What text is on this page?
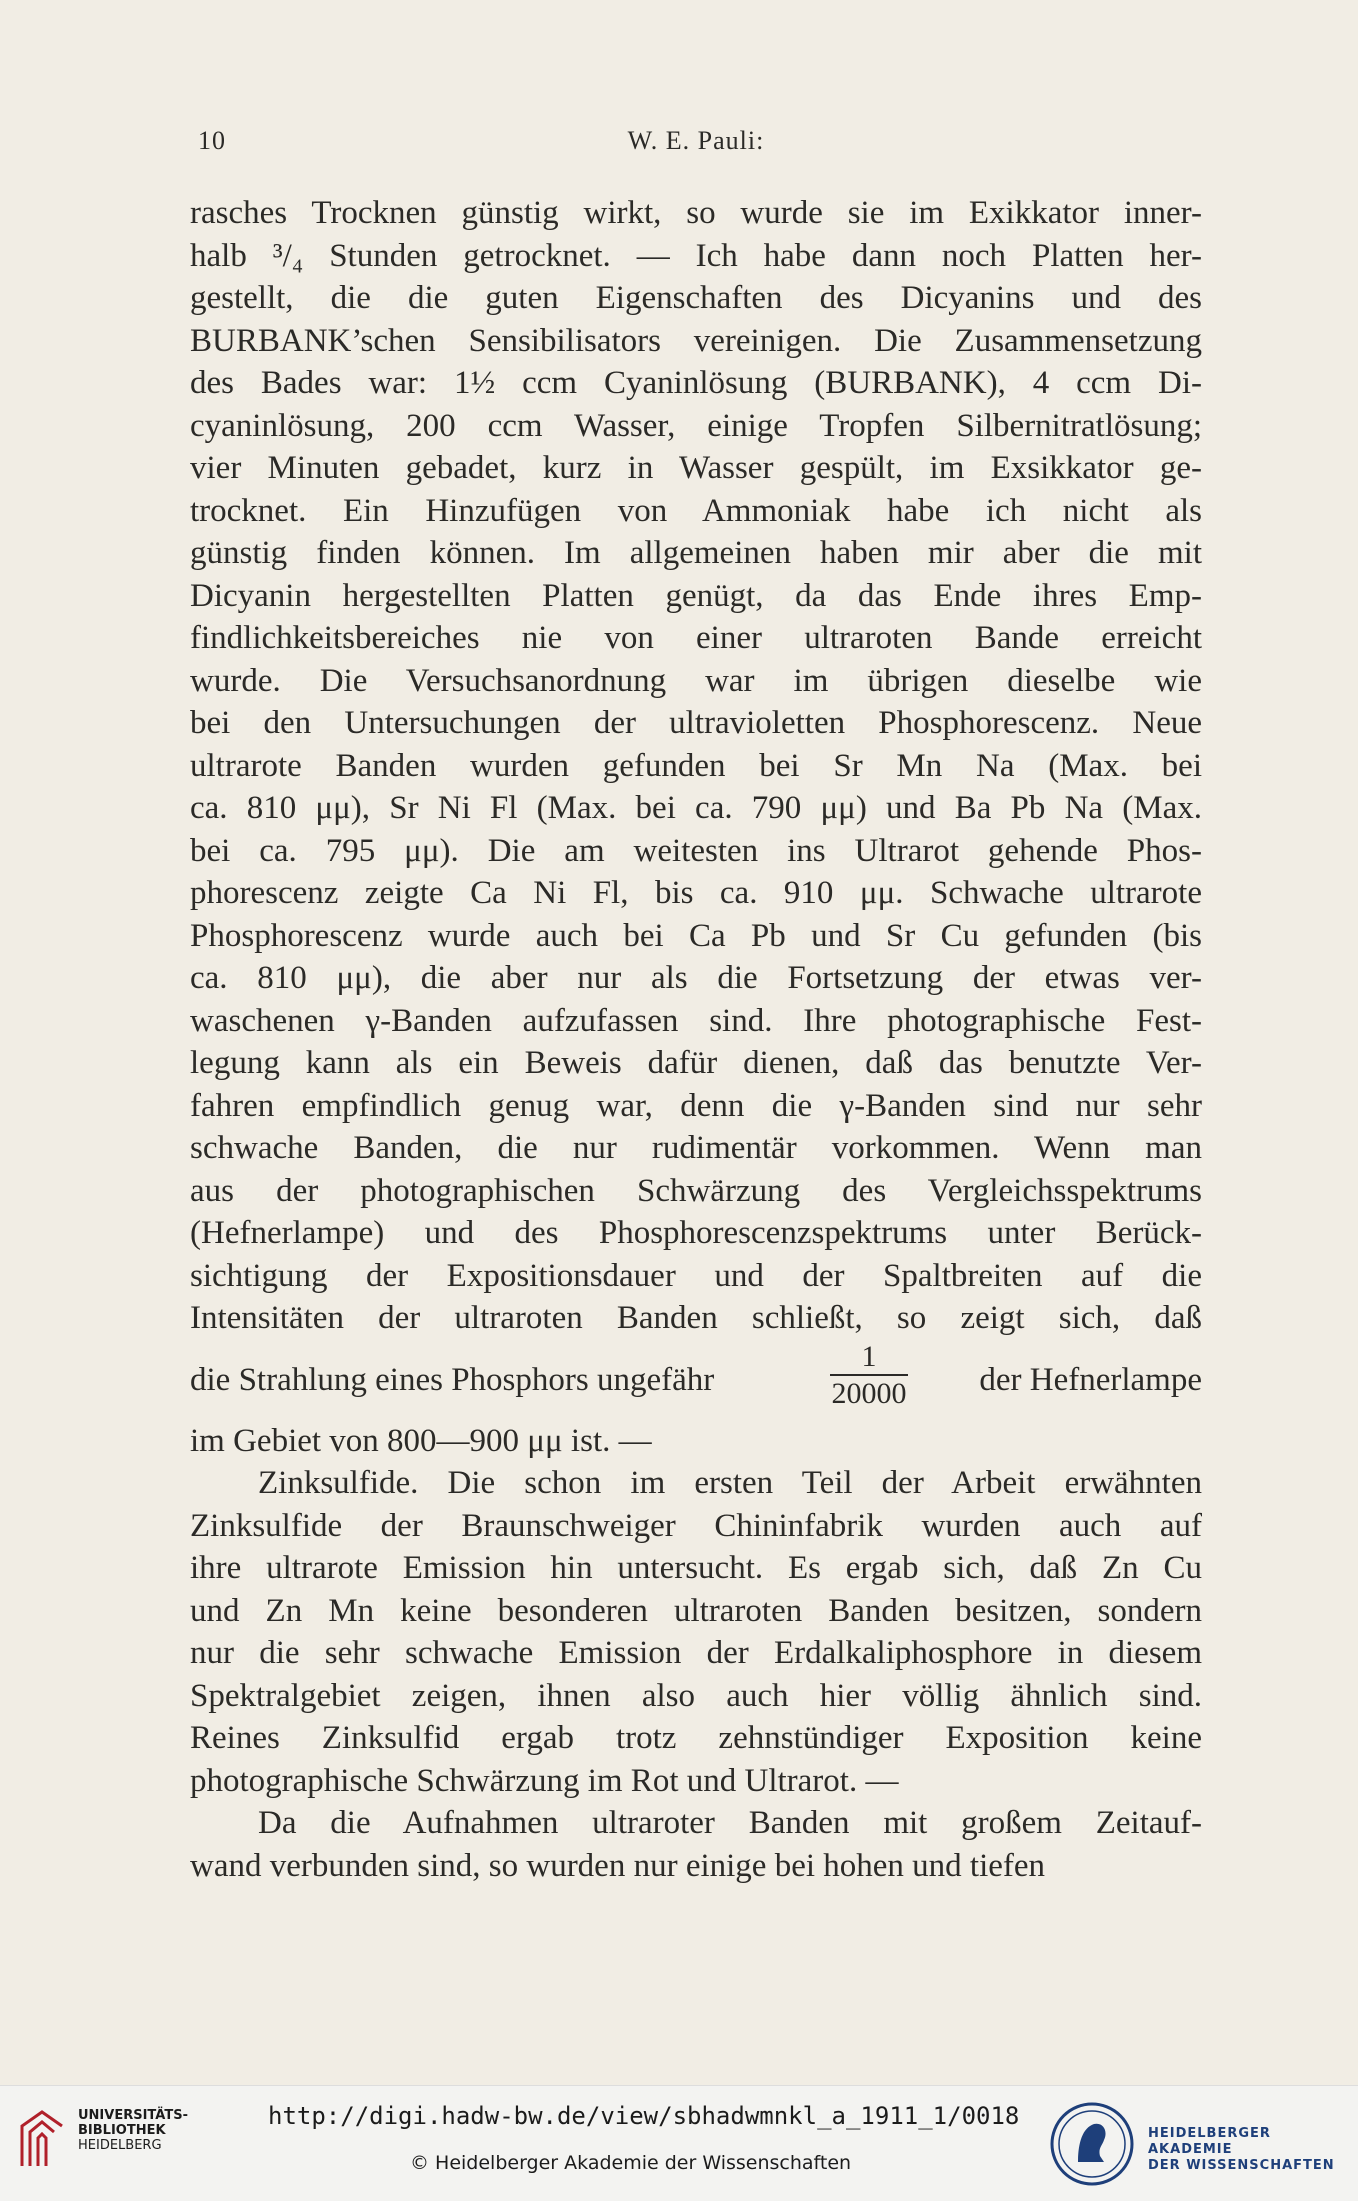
10	W. E. Pauli:
rasches Trocknen günstig wirkt, so wurde sie im Exikkator inner-
halb ³/₄ Stunden getrocknet. — Ich habe dann noch Platten her-
gestellt, die die guten Eigenschaften des Dicyanins und des
BURBANK’schen Sensibilisators vereinigen. Die Zusammensetzung
des Bades war: 1½ ccm Cyaninlösung (BURBANK), 4 ccm Di-
cyaninlösung, 200 ccm Wasser, einige Tropfen Silbernitratlösung;
vier Minuten gebadet, kurz in Wasser gespült, im Exsikkator ge-
trocknet. Ein Hinzufügen von Ammoniak habe ich nicht als
günstig finden können. Im allgemeinen haben mir aber die mit
Dicyanin hergestellten Platten genügt, da das Ende ihres Emp-
findlichkeitsbereiches nie von einer ultraroten Bande erreicht
wurde. Die Versuchsanordnung war im übrigen dieselbe wie
bei den Untersuchungen der ultravioletten Phosphorescenz. Neue
ultrarote Banden wurden gefunden bei Sr Mn Na (Max. bei
ca. 810 μμ), Sr Ni Fl (Max. bei ca. 790 μμ) und Ba Pb Na (Max.
bei ca. 795 μμ). Die am weitesten ins Ultrarot gehende Phos-
phorescenz zeigte Ca Ni Fl, bis ca. 910 μμ. Schwache ultrarote
Phosphorescenz wurde auch bei Ca Pb und Sr Cu gefunden (bis
ca. 810 μμ), die aber nur als die Fortsetzung der etwas ver-
waschenen γ-Banden aufzufassen sind. Ihre photographische Fest-
legung kann als ein Beweis dafür dienen, daß das benutzte Ver-
fahren empfindlich genug war, denn die γ-Banden sind nur sehr
schwache Banden, die nur rudimentär vorkommen. Wenn man
aus der photographischen Schwärzung des Vergleichsspektrums
(Hefnerlampe) und des Phosphorescenzspektrums unter Berück-
sichtigung der Expositionsdauer und der Spaltbreiten auf die
Intensitäten der ultraroten Banden schließt, so zeigt sich, daß
die Strahlung eines Phosphors ungefähr	$\frac{1}{20000}$ der Hefnerlampe
im Gebiet von 800—900 μμ ist. —
Zinksulfide. Die schon im ersten Teil der Arbeit erwähnten
Zinksulfide der Braunschweiger Chininfabrik wurden auch auf
ihre ultrarote Emission hin untersucht. Es ergab sich, daß Zn Cu
und Zn Mn keine besonderen ultraroten Banden besitzen, sondern
nur die sehr schwache Emission der Erdalkaliphosphore in diesem
Spektralgebiet zeigen, ihnen also auch hier völlig ähnlich sind.
Reines Zinksulfid ergab trotz zehnstündiger Exposition keine
photographische Schwärzung im Rot und Ultrarot. —
Da die Aufnahmen ultraroter Banden mit großem Zeitauf-
wand verbunden sind, so wurden nur einige bei hohen und tiefen
UNIVERSITÄTS-
BIBLIOTHEK
HEIDELBERG
http://digi.hadw-bw.de/view/sbhadwmnkl_a_1911_1/0018
© Heidelberger Akademie der Wissenschaften
HEIDELBERGER AKADEMIE
DER WISSENSCHAFTEN
